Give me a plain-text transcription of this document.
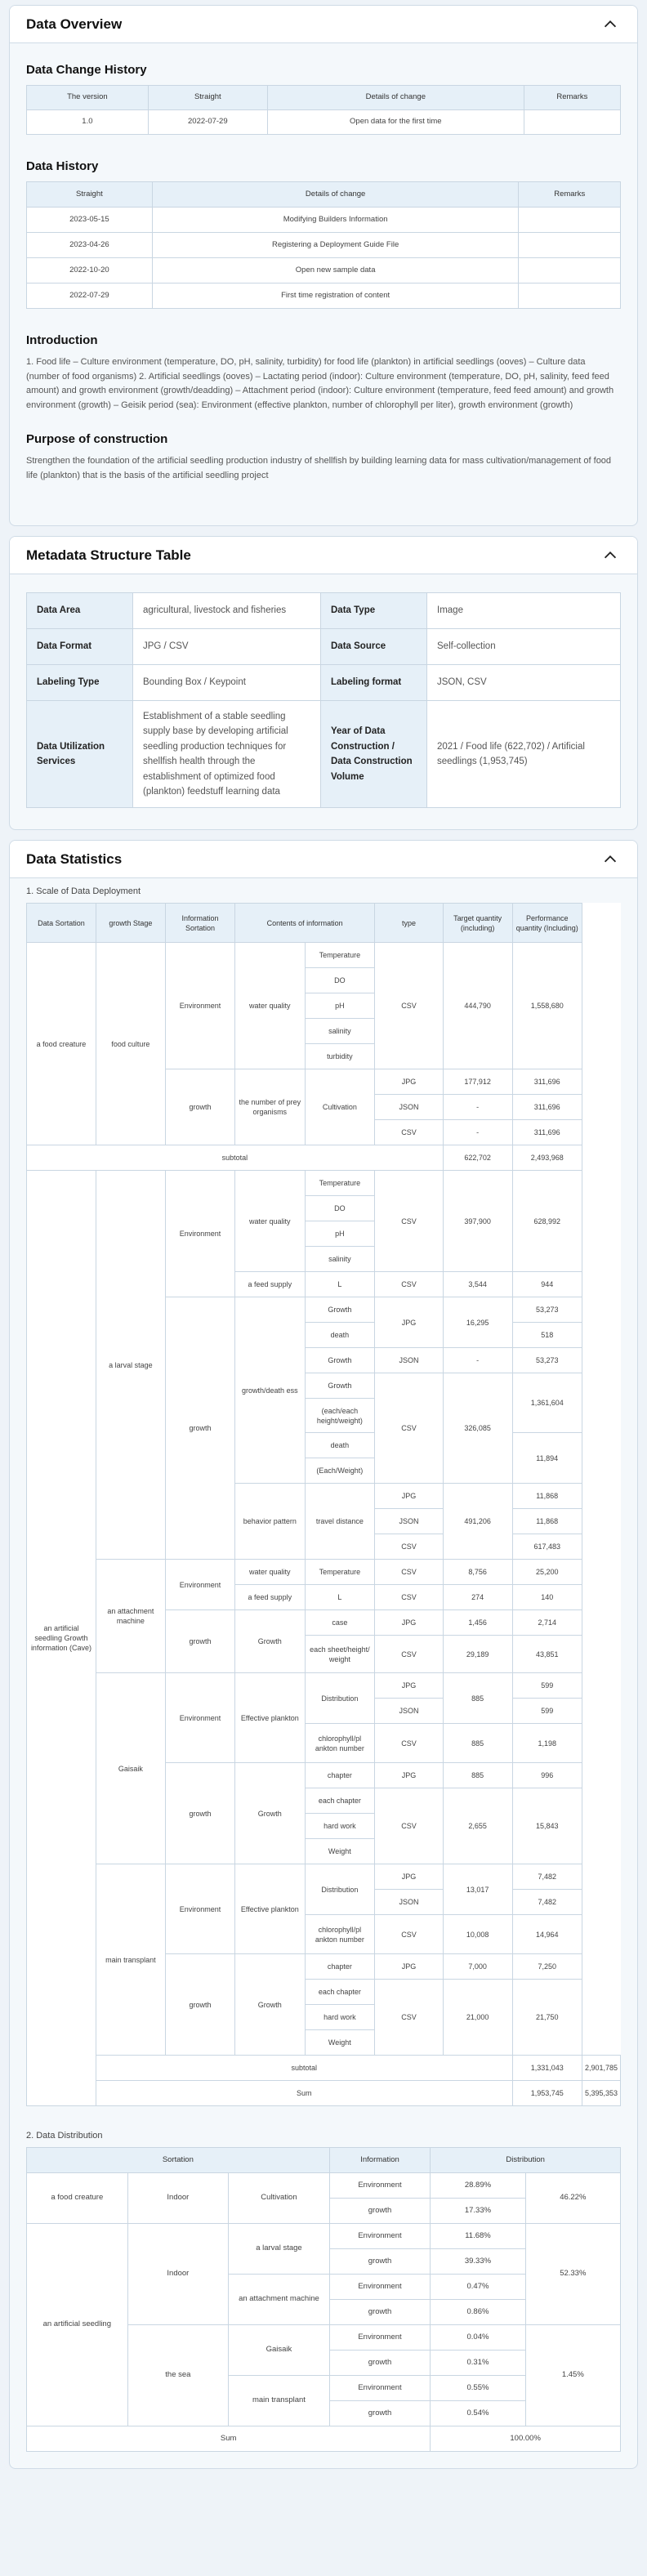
Data Overview
Data Change History
The version	Straight	Details of change	Remarks
1.0	2022-07-29	Open data for the first time	
Data History
Straight	Details of change	Remarks
2023-05-15	Modifying Builders Information	
2023-04-26	Registering a Deployment Guide File	
2022-10-20	Open new sample data	
2022-07-29	First time registration of content	
Introduction

1. Food life – Culture environment (temperature, DO, pH, salinity, turbidity) for food life (plankton) in artificial seedlings (ooves) – Culture data (number of food organisms) 2. Artificial seedlings (ooves) – Lactating period (indoor): Culture environment (temperature, DO, pH, salinity, feed feed amount) and growth environment (growth/deadding) – Attachment period (indoor): Culture environment (temperature, feed feed amount) and growth environment (growth) – Geisik period (sea): Environment (effective plankton, number of chlorophyll per liter), growth environment (growth)

Purpose of construction

Strengthen the foundation of the artificial seedling production industry of shellfish by building learning data for mass cultivation/management of food life (plankton) that is the basis of the artificial seedling project

Metadata Structure Table
Data Area	agricultural, livestock and fisheries	Data Type	Image
Data Format	JPG / CSV	Data Source	Self-collection
Labeling Type	Bounding Box / Keypoint	Labeling format	JSON, CSV
Data Utilization Services	Establishment of a stable seedling supply base by developing artificial seedling production techniques for shellfish health through the establishment of optimized food (plankton) feedstuff learning data	Year of Data Construction / Data Construction Volume	2021 / Food life (622,702) / Artificial seedlings (1,953,745)
Data Statistics
1. Scale of Data Deployment
Data Sortation	growth Stage	Information Sortation	Contents of information		type	Target quantity (including)	Performance quantity (Including)	
a food creature	food culture	Environment	water quality	Temperature	CSV	444,790	1,558,680	
				DO				
				pH				
				salinity				
				turbidity				
		growth	the number of prey organisms	Cultivation	JPG	177,912	311,696	
					JSON	-	311,696	
					CSV	-	311,696	
subtotal						622,702	2,493,968	
an artificial seedling Growth information (Cave)	a larval stage	Environment	water quality	Temperature	CSV	397,900	628,992	
				DO				
				pH				
				salinity				
			a feed supply	L	CSV	3,544	944	
		growth	growth/death ess	Growth	JPG	16,295	53,273	
				death			518	
				Growth	JSON	-	53,273	
				Growth	CSV	326,085	1,361,604	
				(each/each height/weight)				
				death			11,894	
				(Each/Weight)				
			behavior pattern	travel distance	JPG	491,206	11,868	
					JSON		11,868	
					CSV		617,483	
	an attachment machine	Environment	water quality	Temperature	CSV	8,756	25,200	
			a feed supply	L	CSV	274	140	
		growth	Growth	case	JPG	1,456	2,714	
				each sheet/height/ weight	CSV	29,189	43,851	
	Gaisaik	Environment	Effective plankton	Distribution	JPG	885	599	
					JSON		599	
				chlorophyll/pl ankton number	CSV	885	1,198	
		growth	Growth	chapter	JPG	885	996	
				each chapter	CSV	2,655	15,843	
				hard work				
				Weight				
	main transplant	Environment	Effective plankton	Distribution	JPG	13,017	7,482	
					JSON		7,482	
				chlorophyll/pl ankton number	CSV	10,008	14,964	
		growth	Growth	chapter	JPG	7,000	7,250	
				each chapter	CSV	21,000	21,750	
				hard work				
				Weight				
	subtotal						1,331,043	2,901,785
	Sum						1,953,745	5,395,353
2. Data Distribution
Sortation			Information	Distribution	
a food creature	Indoor	Cultivation	Environment	28.89%	46.22%
			growth	17.33%	
an artificial seedling	Indoor	a larval stage	Environment	11.68%	52.33%
			growth	39.33%	
		an attachment machine	Environment	0.47%	
			growth	0.86%	
	the sea	Gaisaik	Environment	0.04%	1.45%
			growth	0.31%	
		main transplant	Environment	0.55%	
			growth	0.54%	
Sum				100.00%	
